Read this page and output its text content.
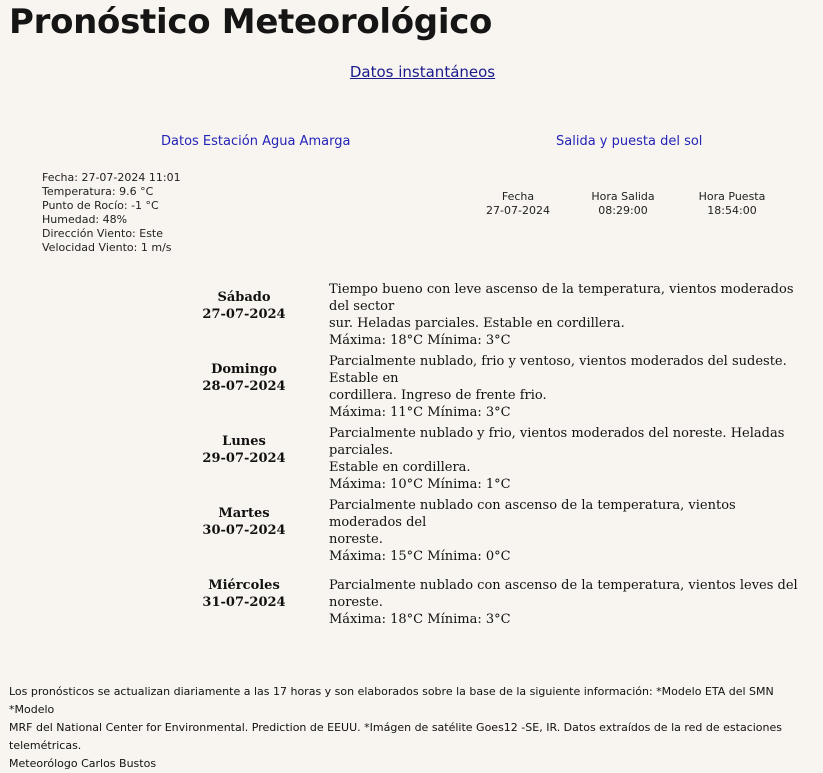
Pronóstico Meteorológico
Datos instantáneos
Datos Estación Agua Amarga	Salida y puesta del sol
Fecha: 27-07-2024 11:01
Temperatura: 9.6 °C
Punto de Rocío: -1 °C
Humedad: 48%
Dirección Viento: Este
Velocidad Viento: 1 m/s
Fecha
27-07-2024
Hora Salida
08:29:00
Hora Puesta
18:54:00
Sábado
27-07-2024
Tiempo bueno con leve ascenso de la temperatura, vientos moderados del sector
sur. Heladas parciales. Estable en cordillera.
Máxima: 18°C Mínima: 3°C
Domingo
28-07-2024
Parcialmente nublado, frio y ventoso, vientos moderados del sudeste. Estable en
cordillera. Ingreso de frente frio.
Máxima: 11°C Mínima: 3°C
Lunes
29-07-2024
Parcialmente nublado y frio, vientos moderados del noreste. Heladas parciales.
Estable en cordillera.
Máxima: 10°C Mínima: 1°C
Martes
30-07-2024
Parcialmente nublado con ascenso de la temperatura, vientos moderados del
noreste.
Máxima: 15°C Mínima: 0°C
Miércoles
31-07-2024
Parcialmente nublado con ascenso de la temperatura, vientos leves del noreste.
Máxima: 18°C Mínima: 3°C

Los pronósticos se actualizan diariamente a las 17 horas y son elaborados sobre la base de la siguiente información: *Modelo ETA del SMN *Modelo

MRF del National Center for Environmental. Prediction de EEUU. *Imágen de satélite Goes12 -SE, IR. Datos extraídos de la red de estaciones

telemétricas.

Meteorólogo Carlos Bustos
